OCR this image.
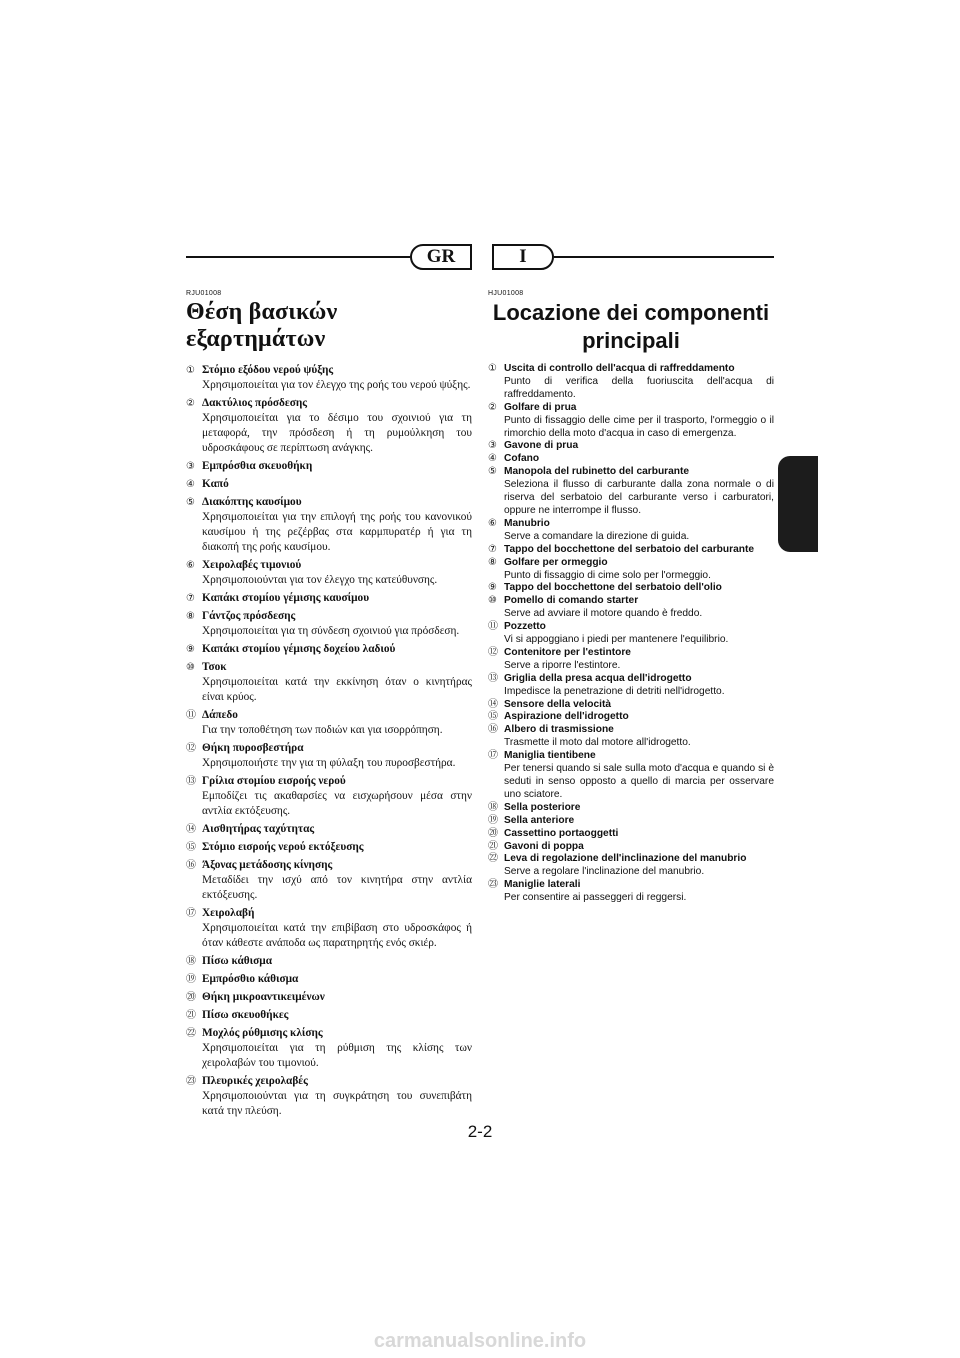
GR	I
RJU01008
Θέση βασικών εξαρτημάτων
① Στόμιο εξόδου νερού ψύξης
Χρησιμοποιείται για τον έλεγχο της ροής του νερού ψύξης.
② Δακτύλιος πρόσδεσης
Χρησιμοποιείται για το δέσιμο του σχοινιού για τη μεταφορά, την πρόσδεση ή τη ρυμούλκηση του υδροσκάφους σε περίπτωση ανάγκης.
③ Εμπρόσθια σκευοθήκη
④ Καπό
⑤ Διακόπτης καυσίμου
Χρησιμοποιείται για την επιλογή της ροής του κανονικού καυσίμου ή της ρεζέρβας στα καρμπυρατέρ ή για τη διακοπή της ροής καυσίμου.
⑥ Χειρολαβές τιμονιού
Χρησιμοποιούνται για τον έλεγχο της κατεύθυνσης.
⑦ Καπάκι στομίου γέμισης καυσίμου
⑧ Γάντζος πρόσδεσης
Χρησιμοποιείται για τη σύνδεση σχοινιού για πρόσδεση.
⑨ Καπάκι στομίου γέμισης δοχείου λαδιού
⑩ Τσοκ
Χρησιμοποιείται κατά την εκκίνηση όταν ο κινητήρας είναι κρύος.
⑪ Δάπεδο
Για την τοποθέτηση των ποδιών και για ισορρόπηση.
⑫ Θήκη πυροσβεστήρα
Χρησιμοποιήστε την για τη φύλαξη του πυροσβεστήρα.
⑬ Γρίλια στομίου εισροής νερού
Εμποδίζει τις ακαθαρσίες να εισχωρήσουν μέσα στην αντλία εκτόξευσης.
⑭ Αισθητήρας ταχύτητας
⑮ Στόμιο εισροής νερού εκτόξευσης
⑯ Άξονας μετάδοσης κίνησης
Μεταδίδει την ισχύ από τον κινητήρα στην αντλία εκτόξευσης.
⑰ Χειρολαβή
Χρησιμοποιείται κατά την επιβίβαση στο υδροσκάφος ή όταν κάθεστε ανάποδα ως παρατηρητής ενός σκιέρ.
⑱ Πίσω κάθισμα
⑲ Εμπρόσθιο κάθισμα
⑳ Θήκη μικροαντικειμένων
㉑ Πίσω σκευοθήκες
㉒ Μοχλός ρύθμισης κλίσης
Χρησιμοποιείται για τη ρύθμιση της κλίσης των χειρολαβών του τιμονιού.
㉓ Πλευρικές χειρολαβές
Χρησιμοποιούνται για τη συγκράτηση του συνεπιβάτη κατά την πλεύση.
HJU01008
Locazione dei componenti
principali
① Uscita di controllo dell'acqua di raffreddamento
Punto di verifica della fuoriuscita dell'acqua di raffreddamento.
② Golfare di prua
Punto di fissaggio delle cime per il trasporto, l'ormeggio o il rimorchio della moto d'acqua in caso di emergenza.
③ Gavone di prua
④ Cofano
⑤ Manopola del rubinetto del carburante
Seleziona il flusso di carburante dalla zona normale o di riserva del serbatoio del carburante verso i carburatori, oppure ne interrompe il flusso.
⑥ Manubrio
Serve a comandare la direzione di guida.
⑦ Tappo del bocchettone del serbatoio del carburante
⑧ Golfare per ormeggio
Punto di fissaggio di cime solo per l'ormeggio.
⑨ Tappo del bocchettone del serbatoio dell'olio
⑩ Pomello di comando starter
Serve ad avviare il motore quando è freddo.
⑪ Pozzetto
Vi si appoggiano i piedi per mantenere l'equilibrio.
⑫ Contenitore per l'estintore
Serve a riporre l'estintore.
⑬ Griglia della presa acqua dell'idrogetto
Impedisce la penetrazione di detriti nell'idrogetto.
⑭ Sensore della velocità
⑮ Aspirazione dell'idrogetto
⑯ Albero di trasmissione
Trasmette il moto dal motore all'idrogetto.
⑰ Maniglia tientibene
Per tenersi quando si sale sulla moto d'acqua e quando si è seduti in senso opposto a quello di marcia per osservare uno sciatore.
⑱ Sella posteriore
⑲ Sella anteriore
⑳ Cassettino portaoggetti
㉑ Gavoni di poppa
㉒ Leva di regolazione dell'inclinazione del manubrio
Serve a regolare l'inclinazione del manubrio.
㉓ Maniglie laterali
Per consentire ai passeggeri di reggersi.
2-2
carmanualsonline.info
